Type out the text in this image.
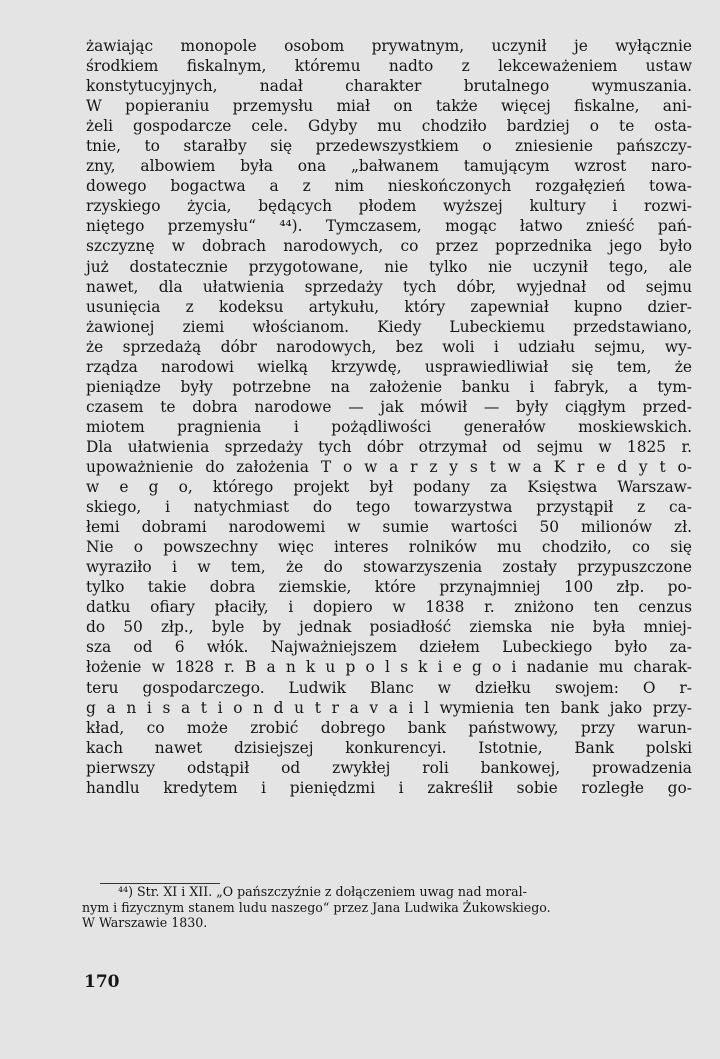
żawiając monopole osobom prywatnym, uczynił je wyłącznie
środkiem fiskalnym, któremu nadto z lekceważeniem ustaw
konstytucyjnych, nadał charakter brutalnego wymuszania.
W popieraniu przemysłu miał on także więcej fiskalne, ani-
żeli gospodarcze cele. Gdyby mu chodziło bardziej o te osta-
tnie, to starałby się przedewszystkiem o zniesienie pańszczy-
zny, albowiem była ona „bałwanem tamującym wzrost naro-
dowego bogactwa a z nim nieskończonych rozgałęzień towa-
rzyskiego życia, będących płodem wyższej kultury i rozwi-
niętego przemysłu“ ⁴⁴). Tymczasem, mogąc łatwo znieść pań-
szczyznę w dobrach narodowych, co przez poprzednika jego było
już dostatecznie przygotowane, nie tylko nie uczynił tego, ale
nawet, dla ułatwienia sprzedaży tych dóbr, wyjednał od sejmu
usunięcia z kodeksu artykułu, który zapewniał kupno dzier-
żawionej ziemi włościanom. Kiedy Lubeckiemu przedstawiano,
że sprzedażą dóbr narodowych, bez woli i udziału sejmu, wy-
rządza narodowi wielką krzywdę, usprawiedliwiał się tem, że
pieniądze były potrzebne na założenie banku i fabryk, a tym-
czasem te dobra narodowe — jak mówił — były ciągłym przed-
miotem pragnienia i pożądliwości generałów moskiewskich.
Dla ułatwienia sprzedaży tych dóbr otrzymał od sejmu w 1825 r.
upoważnienie do założenia T o w a r z y s t w a K r e d y t o-
w e g o, którego projekt był podany za Księstwa Warszaw-
skiego, i natychmiast do tego towarzystwa przystąpił z ca-
łemi dobrami narodowemi w sumie wartości 50 milionów zł.
Nie o powszechny więc interes rolników mu chodziło, co się
wyraziło i w tem, że do stowarzyszenia zostały przypuszczone
tylko takie dobra ziemskie, które przynajmniej 100 złp. po-
datku ofiary płaciły, i dopiero w 1838 r. zniżono ten cenzus
do 50 złp., byle by jednak posiadłość ziemska nie była mniej-
sza od 6 włók. Najważniejszem dziełem Lubeckiego było za-
łożenie w 1828 r. B a n k u p o l s k i e g o i nadanie mu charak-
teru gospodarczego. Ludwik Blanc w dziełku swojem: O r-
g a n i s a t i o n d u t r a v a i l wymienia ten bank jako przy-
kład, co może zrobić dobrego bank państwowy, przy warun-
kach nawet dzisiejszej konkurencyi. Istotnie, Bank polski
pierwszy odstąpił od zwykłej roli bankowej, prowadzenia
handlu kredytem i pieniędzmi i zakreślił sobie rozległe go-
⁴⁴) Str. XI i XII. „O pańszczyźnie z dołączeniem uwag nad moral-
nym i fizycznym stanem ludu naszego“ przez Jana Ludwika Żukowskiego.
W Warszawie 1830.
170
